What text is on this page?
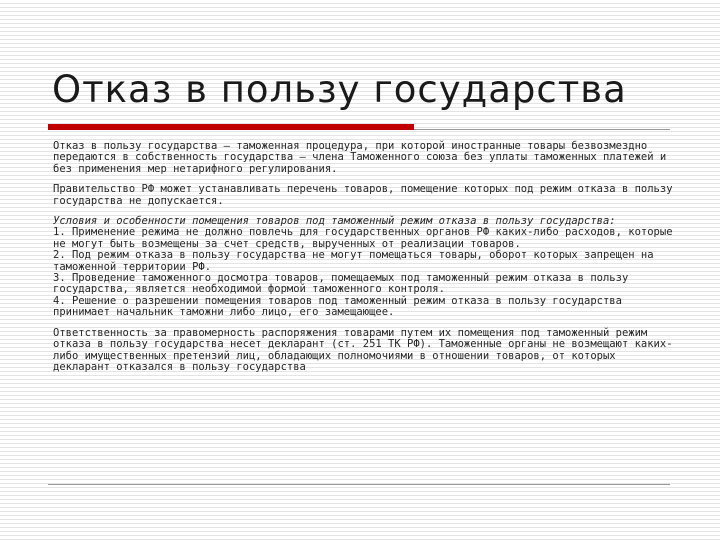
Отказ в пользу государства

Отказ в пользу государства – таможенная процедура, при которой иностранные товары безвозмездно передаются в собственность государства – члена Таможенного союза без уплаты таможенных платежей и без применения мер нетарифного регулирования.

Правительство РФ может устанавливать перечень товаров, помещение которых под режим отказа в пользу государства не допускается.

Условия и особенности помещения товаров под таможенный режим отказа в пользу государства:
1. Применение режима не должно повлечь для государственных органов РФ каких-либо расходов, которые не могут быть возмещены за счет средств, вырученных от реализации товаров.
2. Под режим отказа в пользу государства не могут помещаться товары, оборот которых запрещен на таможенной территории РФ.
3. Проведение таможенного досмотра товаров, помещаемых под таможенный режим отказа в пользу государства, является необходимой формой таможенного контроля.
4. Решение о разрешении помещения товаров под таможенный режим отказа в пользу государства принимает начальник таможни либо лицо, его замещающее.

Ответственность за правомерность распоряжения товарами путем их помещения под таможенный режим отказа в пользу государства несет декларант (ст. 251 ТК РФ). Таможенные органы не возмещают каких-либо имущественных претензий лиц, обладающих полномочиями в отношении товаров, от которых декларант отказался в пользу государства
